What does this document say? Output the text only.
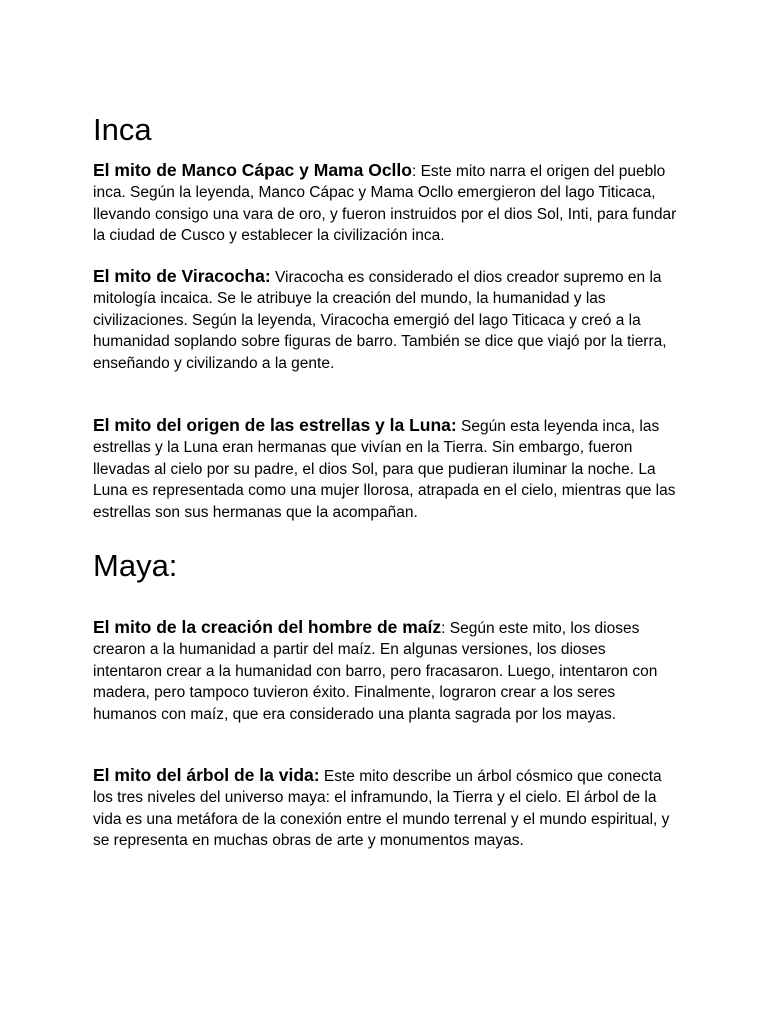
Inca

El mito de Manco Cápac y Mama Ocllo: Este mito narra el origen del pueblo inca. Según la leyenda, Manco Cápac y Mama Ocllo emergieron del lago Titicaca, llevando consigo una vara de oro, y fueron instruidos por el dios Sol, Inti, para fundar la ciudad de Cusco y establecer la civilización inca.

El mito de Viracocha: Viracocha es considerado el dios creador supremo en la mitología incaica. Se le atribuye la creación del mundo, la humanidad y las civilizaciones. Según la leyenda, Viracocha emergió del lago Titicaca y creó a la humanidad soplando sobre figuras de barro. También se dice que viajó por la tierra, enseñando y civilizando a la gente.

El mito del origen de las estrellas y la Luna: Según esta leyenda inca, las estrellas y la Luna eran hermanas que vivían en la Tierra. Sin embargo, fueron llevadas al cielo por su padre, el dios Sol, para que pudieran iluminar la noche. La Luna es representada como una mujer llorosa, atrapada en el cielo, mientras que las estrellas son sus hermanas que la acompañan.

Maya:

El mito de la creación del hombre de maíz: Según este mito, los dioses crearon a la humanidad a partir del maíz. En algunas versiones, los dioses intentaron crear a la humanidad con barro, pero fracasaron. Luego, intentaron con madera, pero tampoco tuvieron éxito. Finalmente, lograron crear a los seres humanos con maíz, que era considerado una planta sagrada por los mayas.

El mito del árbol de la vida: Este mito describe un árbol cósmico que conecta los tres niveles del universo maya: el inframundo, la Tierra y el cielo. El árbol de la vida es una metáfora de la conexión entre el mundo terrenal y el mundo espiritual, y se representa en muchas obras de arte y monumentos mayas.
